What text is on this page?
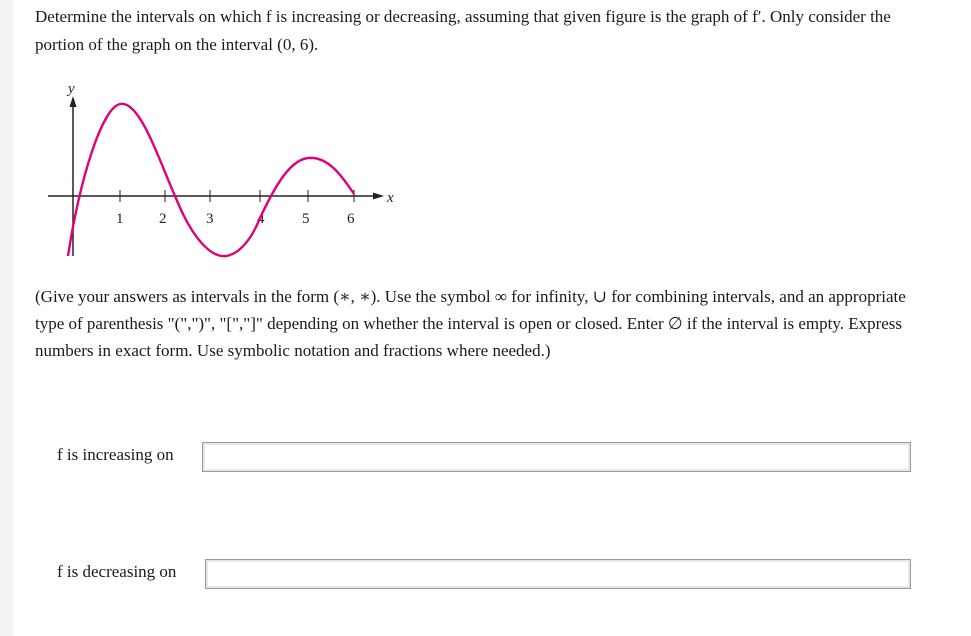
Determine the intervals on which f is increasing or decreasing, assuming that given figure is the graph of f′. Only consider the
portion of the graph on the interval (0, 6).
y
x
1 2	3	4	5	6
(Give your answers as intervals in the form (∗, ∗). Use the symbol ∞ for infinity, ∪ for combining intervals, and an appropriate
type of parenthesis "(",")", "[","]" depending on whether the interval is open or closed. Enter ∅ if the interval is empty. Express
numbers in exact form. Use symbolic notation and fractions where needed.)
f is increasing on
f is decreasing on
